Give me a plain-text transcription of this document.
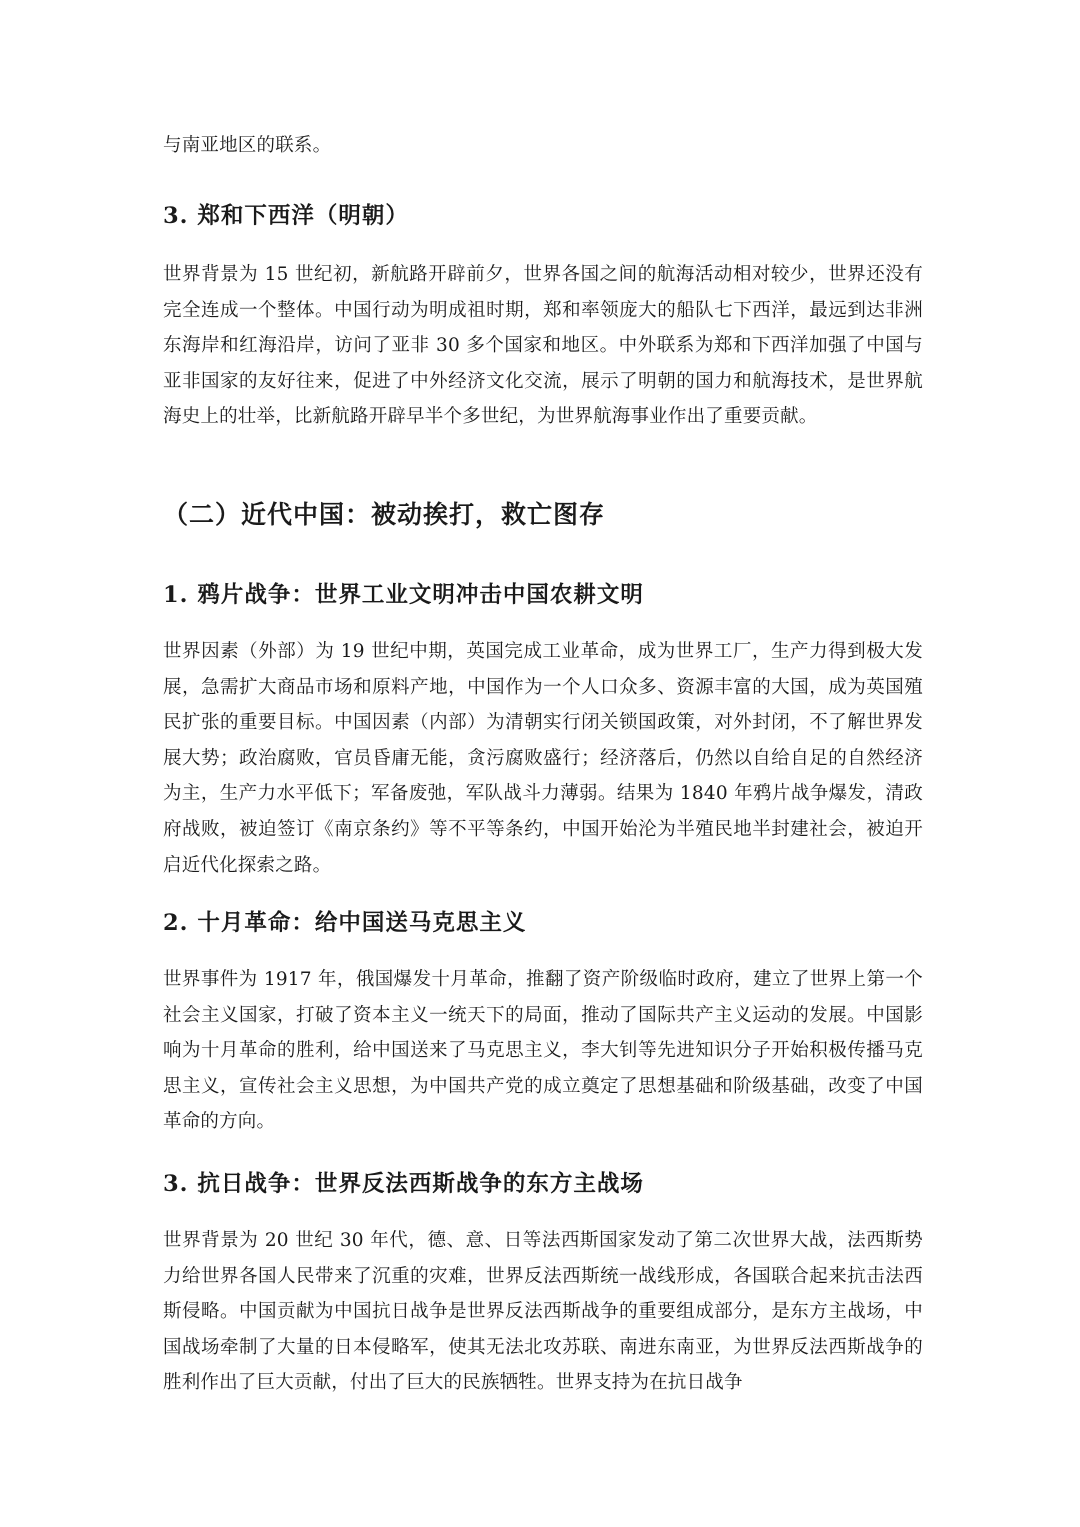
与南亚地区的联系。

3. 郑和下西洋（明朝）

世界背景为 15 世纪初，新航路开辟前夕，世界各国之间的航海活动相对较少，世界还没有完全连成一个整体。中国行动为明成祖时期，郑和率领庞大的船队七下西洋，最远到达非洲东海岸和红海沿岸，访问了亚非 30 多个国家和地区。中外联系为郑和下西洋加强了中国与亚非国家的友好往来，促进了中外经济文化交流，展示了明朝的国力和航海技术，是世界航海史上的壮举，比新航路开辟早半个多世纪，为世界航海事业作出了重要贡献。

（二）近代中国：被动挨打，救亡图存
1. 鸦片战争：世界工业文明冲击中国农耕文明

世界因素（外部）为 19 世纪中期，英国完成工业革命，成为世界工厂，生产力得到极大发展，急需扩大商品市场和原料产地，中国作为一个人口众多、资源丰富的大国，成为英国殖民扩张的重要目标。中国因素（内部）为清朝实行闭关锁国政策，对外封闭，不了解世界发展大势；政治腐败，官员昏庸无能，贪污腐败盛行；经济落后，仍然以自给自足的自然经济为主，生产力水平低下；军备废弛，军队战斗力薄弱。结果为 1840 年鸦片战争爆发，清政府战败，被迫签订《南京条约》等不平等条约，中国开始沦为半殖民地半封建社会，被迫开启近代化探索之路。

2. 十月革命：给中国送马克思主义

世界事件为 1917 年，俄国爆发十月革命，推翻了资产阶级临时政府，建立了世界上第一个社会主义国家，打破了资本主义一统天下的局面，推动了国际共产主义运动的发展。中国影响为十月革命的胜利，给中国送来了马克思主义，李大钊等先进知识分子开始积极传播马克思主义，宣传社会主义思想，为中国共产党的成立奠定了思想基础和阶级基础，改变了中国革命的方向。

3. 抗日战争：世界反法西斯战争的东方主战场

世界背景为 20 世纪 30 年代，德、意、日等法西斯国家发动了第二次世界大战，法西斯势力给世界各国人民带来了沉重的灾难，世界反法西斯统一战线形成，各国联合起来抗击法西斯侵略。中国贡献为中国抗日战争是世界反法西斯战争的重要组成部分，是东方主战场，中国战场牵制了大量的日本侵略军，使其无法北攻苏联、南进东南亚，为世界反法西斯战争的胜利作出了巨大贡献，付出了巨大的民族牺牲。世界支持为在抗日战争
